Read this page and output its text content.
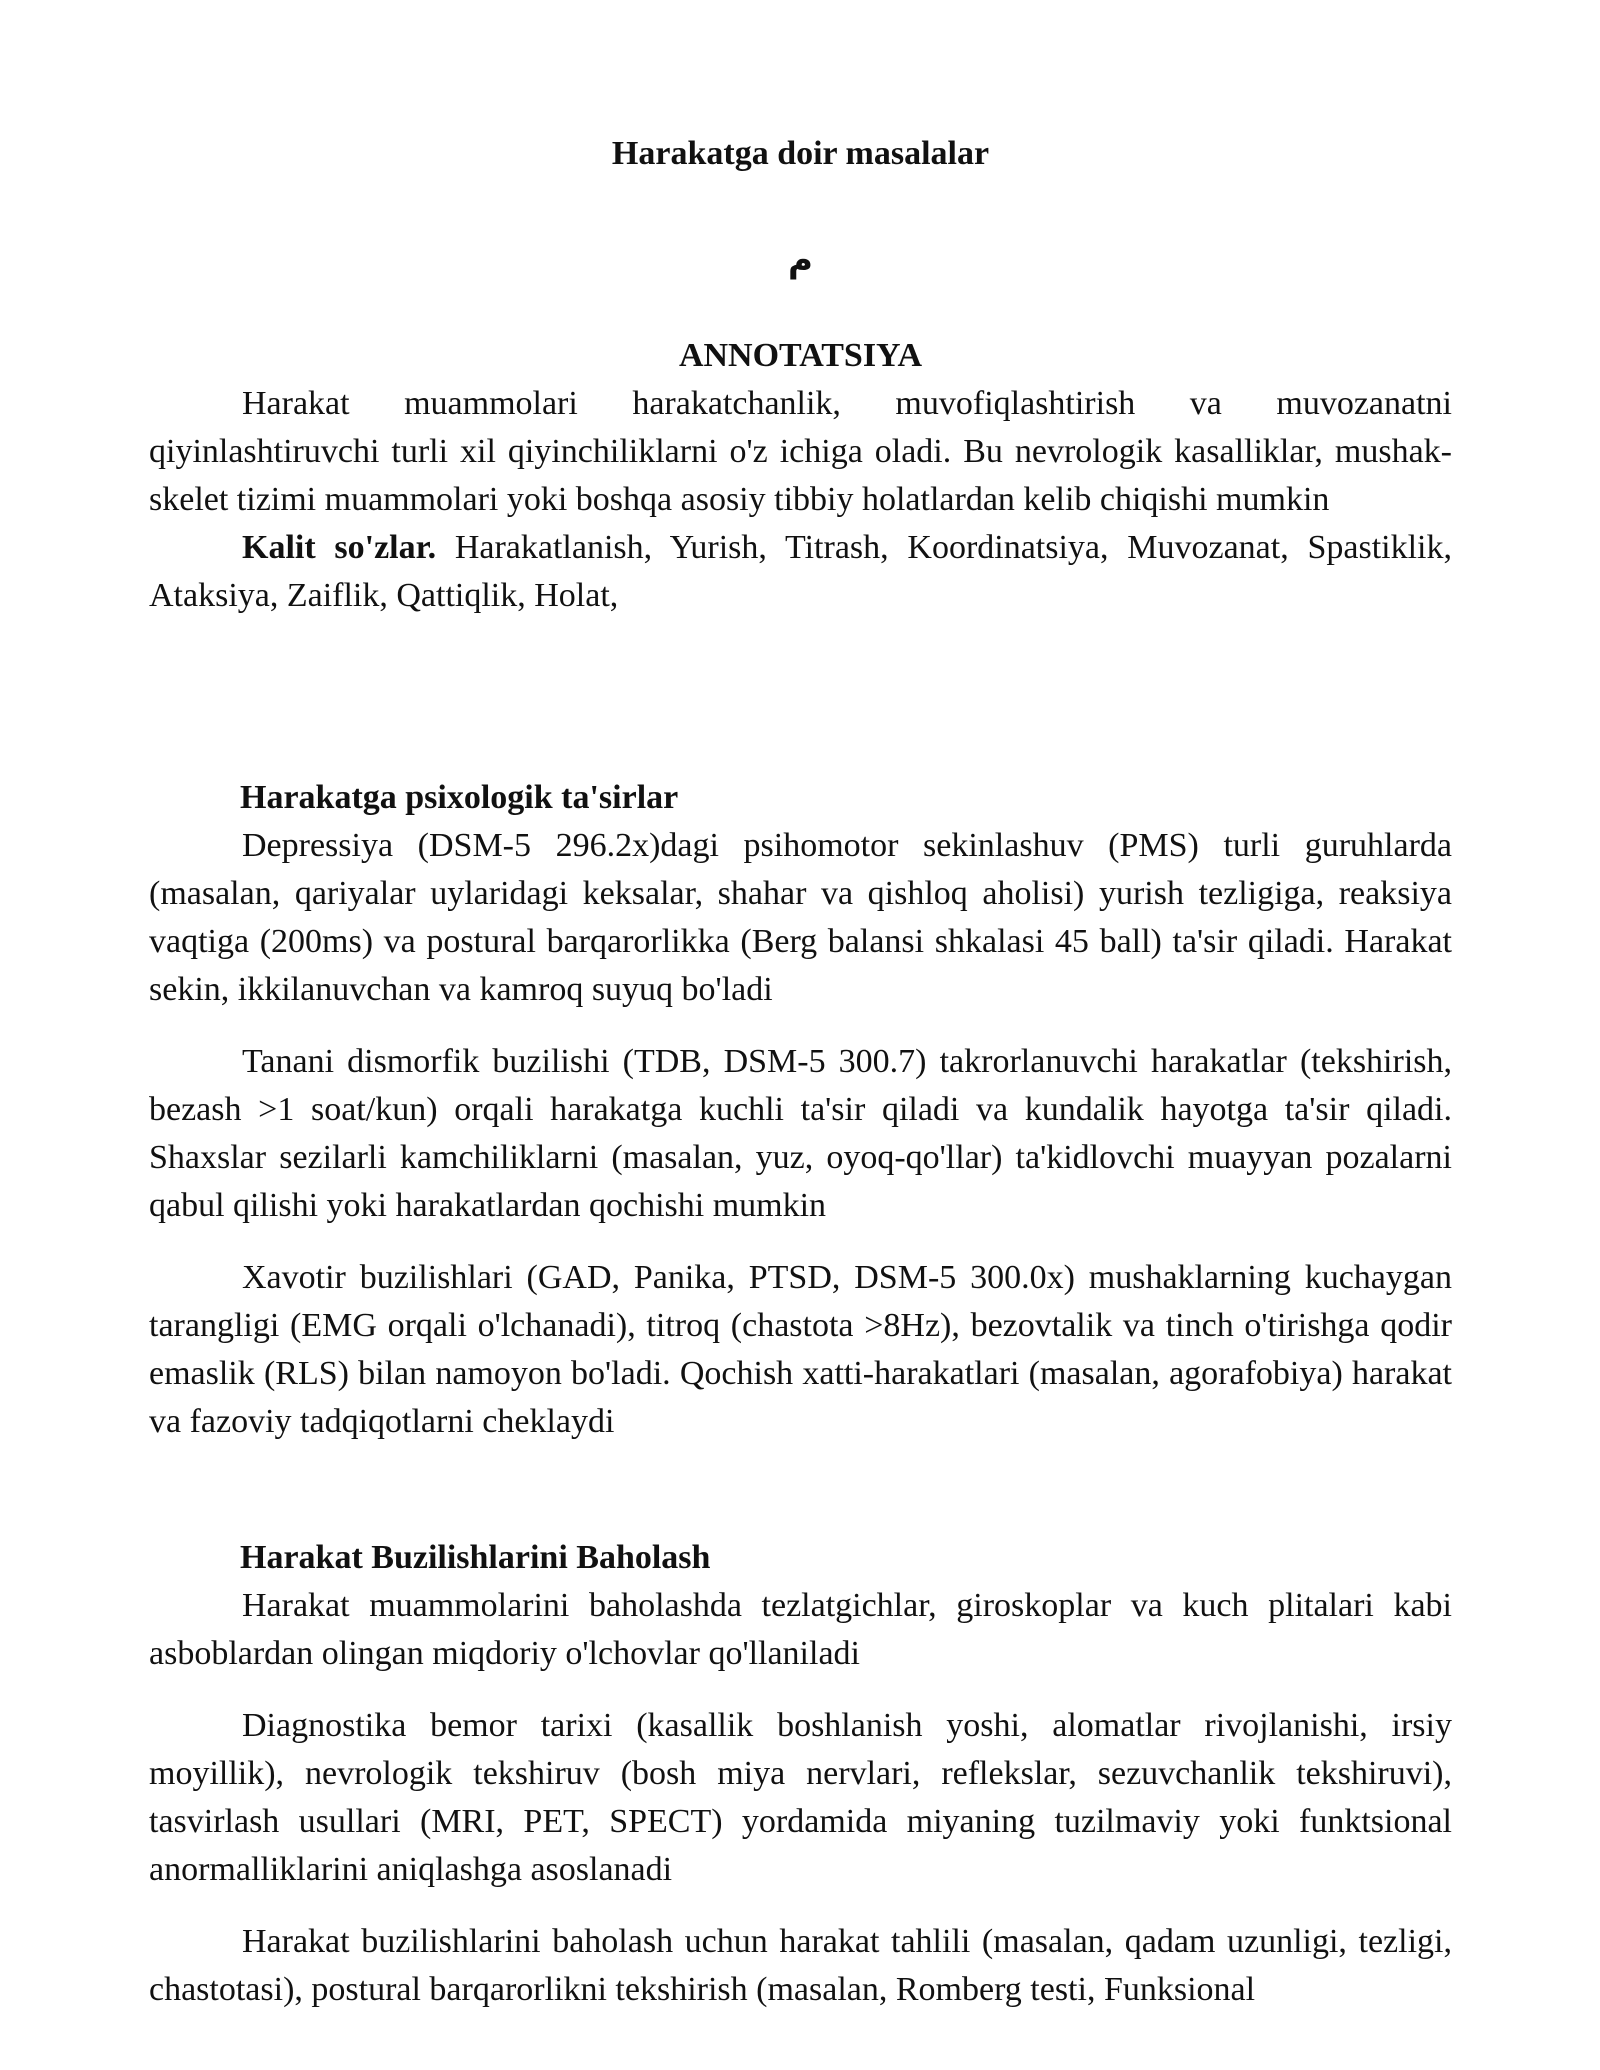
Harakatga doir masalalar
م
ANNOTATSIYA

Harakat muammolari harakatchanlik, muvofiqlashtirish va muvozanatni qiyinlashtiruvchi turli xil qiyinchiliklarni o'z ichiga oladi. Bu nevrologik kasalliklar, mushak-skelet tizimi muammolari yoki boshqa asosiy tibbiy holatlardan kelib chiqishi mumkin

Kalit so'zlar. Harakatlanish, Yurish, Titrash, Koordinatsiya, Muvozanat, Spastiklik, Ataksiya, Zaiflik, Qattiqlik, Holat,

Harakatga psixologik ta'sirlar

Depressiya (DSM-5 296.2x)dagi psihomotor sekinlashuv (PMS) turli guruhlarda (masalan, qariyalar uylaridagi keksalar, shahar va qishloq aholisi) yurish tezligiga, reaksiya vaqtiga (200ms) va postural barqarorlikka (Berg balansi shkalasi 45 ball) ta'sir qiladi. Harakat sekin, ikkilanuvchan va kamroq suyuq bo'ladi

Tanani dismorfik buzilishi (TDB, DSM-5 300.7) takrorlanuvchi harakatlar (tekshirish, bezash >1 soat/kun) orqali harakatga kuchli ta'sir qiladi va kundalik hayotga ta'sir qiladi. Shaxslar sezilarli kamchiliklarni (masalan, yuz, oyoq-qo'llar) ta'kidlovchi muayyan pozalarni qabul qilishi yoki harakatlardan qochishi mumkin

Xavotir buzilishlari (GAD, Panika, PTSD, DSM-5 300.0x) mushaklarning kuchaygan tarangligi (EMG orqali o'lchanadi), titroq (chastota >8Hz), bezovtalik va tinch o'tirishga qodir emaslik (RLS) bilan namoyon bo'ladi. Qochish xatti-harakatlari (masalan, agorafobiya) harakat va fazoviy tadqiqotlarni cheklaydi

Harakat Buzilishlarini Baholash

Harakat muammolarini baholashda tezlatgichlar, giroskoplar va kuch plitalari kabi asboblardan olingan miqdoriy o'lchovlar qo'llaniladi

Diagnostika bemor tarixi (kasallik boshlanish yoshi, alomatlar rivojlanishi, irsiy moyillik), nevrologik tekshiruv (bosh miya nervlari, reflekslar, sezuvchanlik tekshiruvi), tasvirlash usullari (MRI, PET, SPECT) yordamida miyaning tuzilmaviy yoki funktsional anormalliklarini aniqlashga asoslanadi

Harakat buzilishlarini baholash uchun harakat tahlili (masalan, qadam uzunligi, tezligi, chastotasi), postural barqarorlikni tekshirish (masalan, Romberg testi, Funksional
